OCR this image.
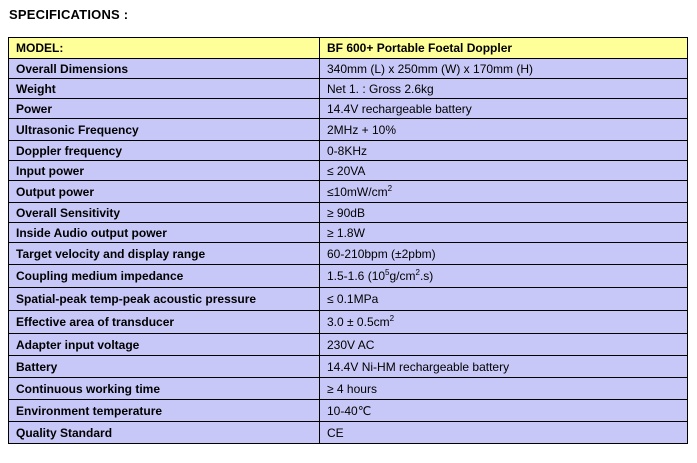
SPECIFICATIONS :
MODEL:	BF 600+ Portable Foetal Doppler
Overall Dimensions	340mm (L) x 250mm (W) x 170mm (H)
Weight	Net 1. : Gross 2.6kg
Power	14.4V rechargeable battery
Ultrasonic Frequency	2MHz + 10%
Doppler frequency	0-8KHz
Input power	≤ 20VA
Output power	$\le 10mW/cm^2$
Overall Sensitivity	≥ 90dB
Inside Audio output power	≥ 1.8W
Target velocity and display range	60-210bpm (±2pbm)
Coupling medium impedance	1.5-1.6 $(10^5g/cm^2.s)$
Spatial-peak temp-peak acoustic pressure	≤ 0.1MPa
Effective area of transducer	$3.0 \pm 0.5cm^2$
Adapter input voltage	230V AC
Battery	14.4V Ni-HM rechargeable battery
Continuous working time	≥ 4 hours
Environment temperature	10-40℃
Quality Standard	CE
